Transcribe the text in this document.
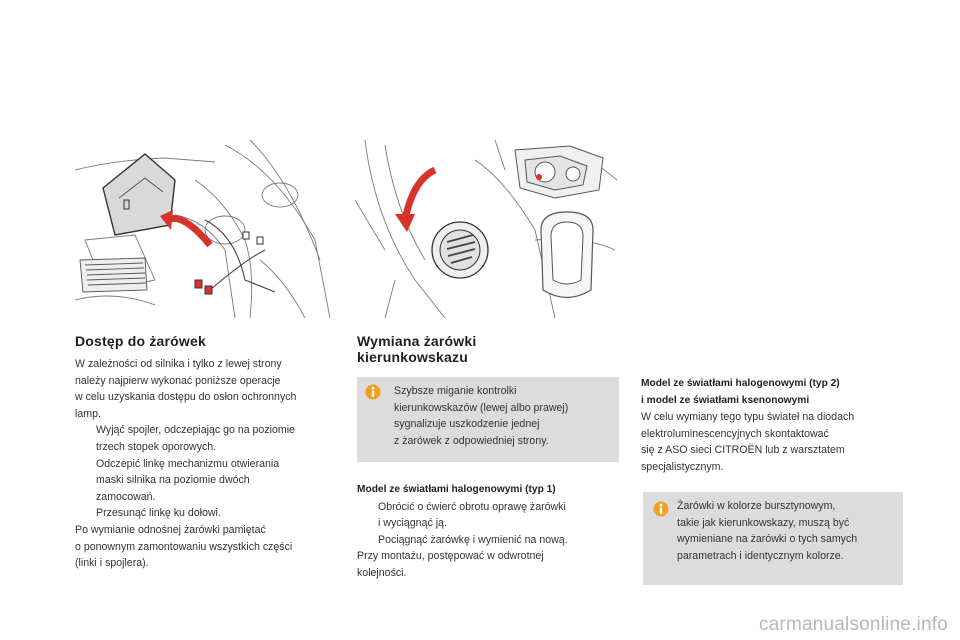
Dostęp do żarówek

W zależności od silnika i tylko z lewej strony

należy najpierw wykonać poniższe operacje

w celu uzyskania dostępu do osłon ochronnych

lamp.

Wyjąć spojler, odczepiając go na poziomie
trzech stopek oporowych.
Odczepić linkę mechanizmu otwierania
maski silnika na poziomie dwóch
zamocowań.
Przesunąć linkę ku dołowi.

Po wymianie odnośnej żarówki pamiętać

o ponownym zamontowaniu wszystkich części

(linki i spojlera).

Wymiana żarówki
kierunkowskazu

Szybsze miganie kontrolki

kierunkowskazów (lewej albo prawej)

sygnalizuje uszkodzenie jednej

z żarówek z odpowiedniej strony.

Model ze światłami halogenowymi (typ 1)

Obrócić o ćwierć obrotu oprawę żarówki
i wyciągnąć ją.
Pociągnąć żarówkę i wymienić na nową.

Przy montażu, postępować w odwrotnej

kolejności.

Model ze światłami halogenowymi (typ 2)

i model ze światłami ksenonowymi

W celu wymiany tego typu świateł na diodach

elektroluminescencyjnych skontaktować

się z ASO sieci CITROËN lub z warsztatem

specjalistycznym.

Żarówki w kolorze bursztynowym,

takie jak kierunkowskazy, muszą być

wymieniane na żarówki o tych samych

parametrach i identycznym kolorze.

carmanualsonline.info
